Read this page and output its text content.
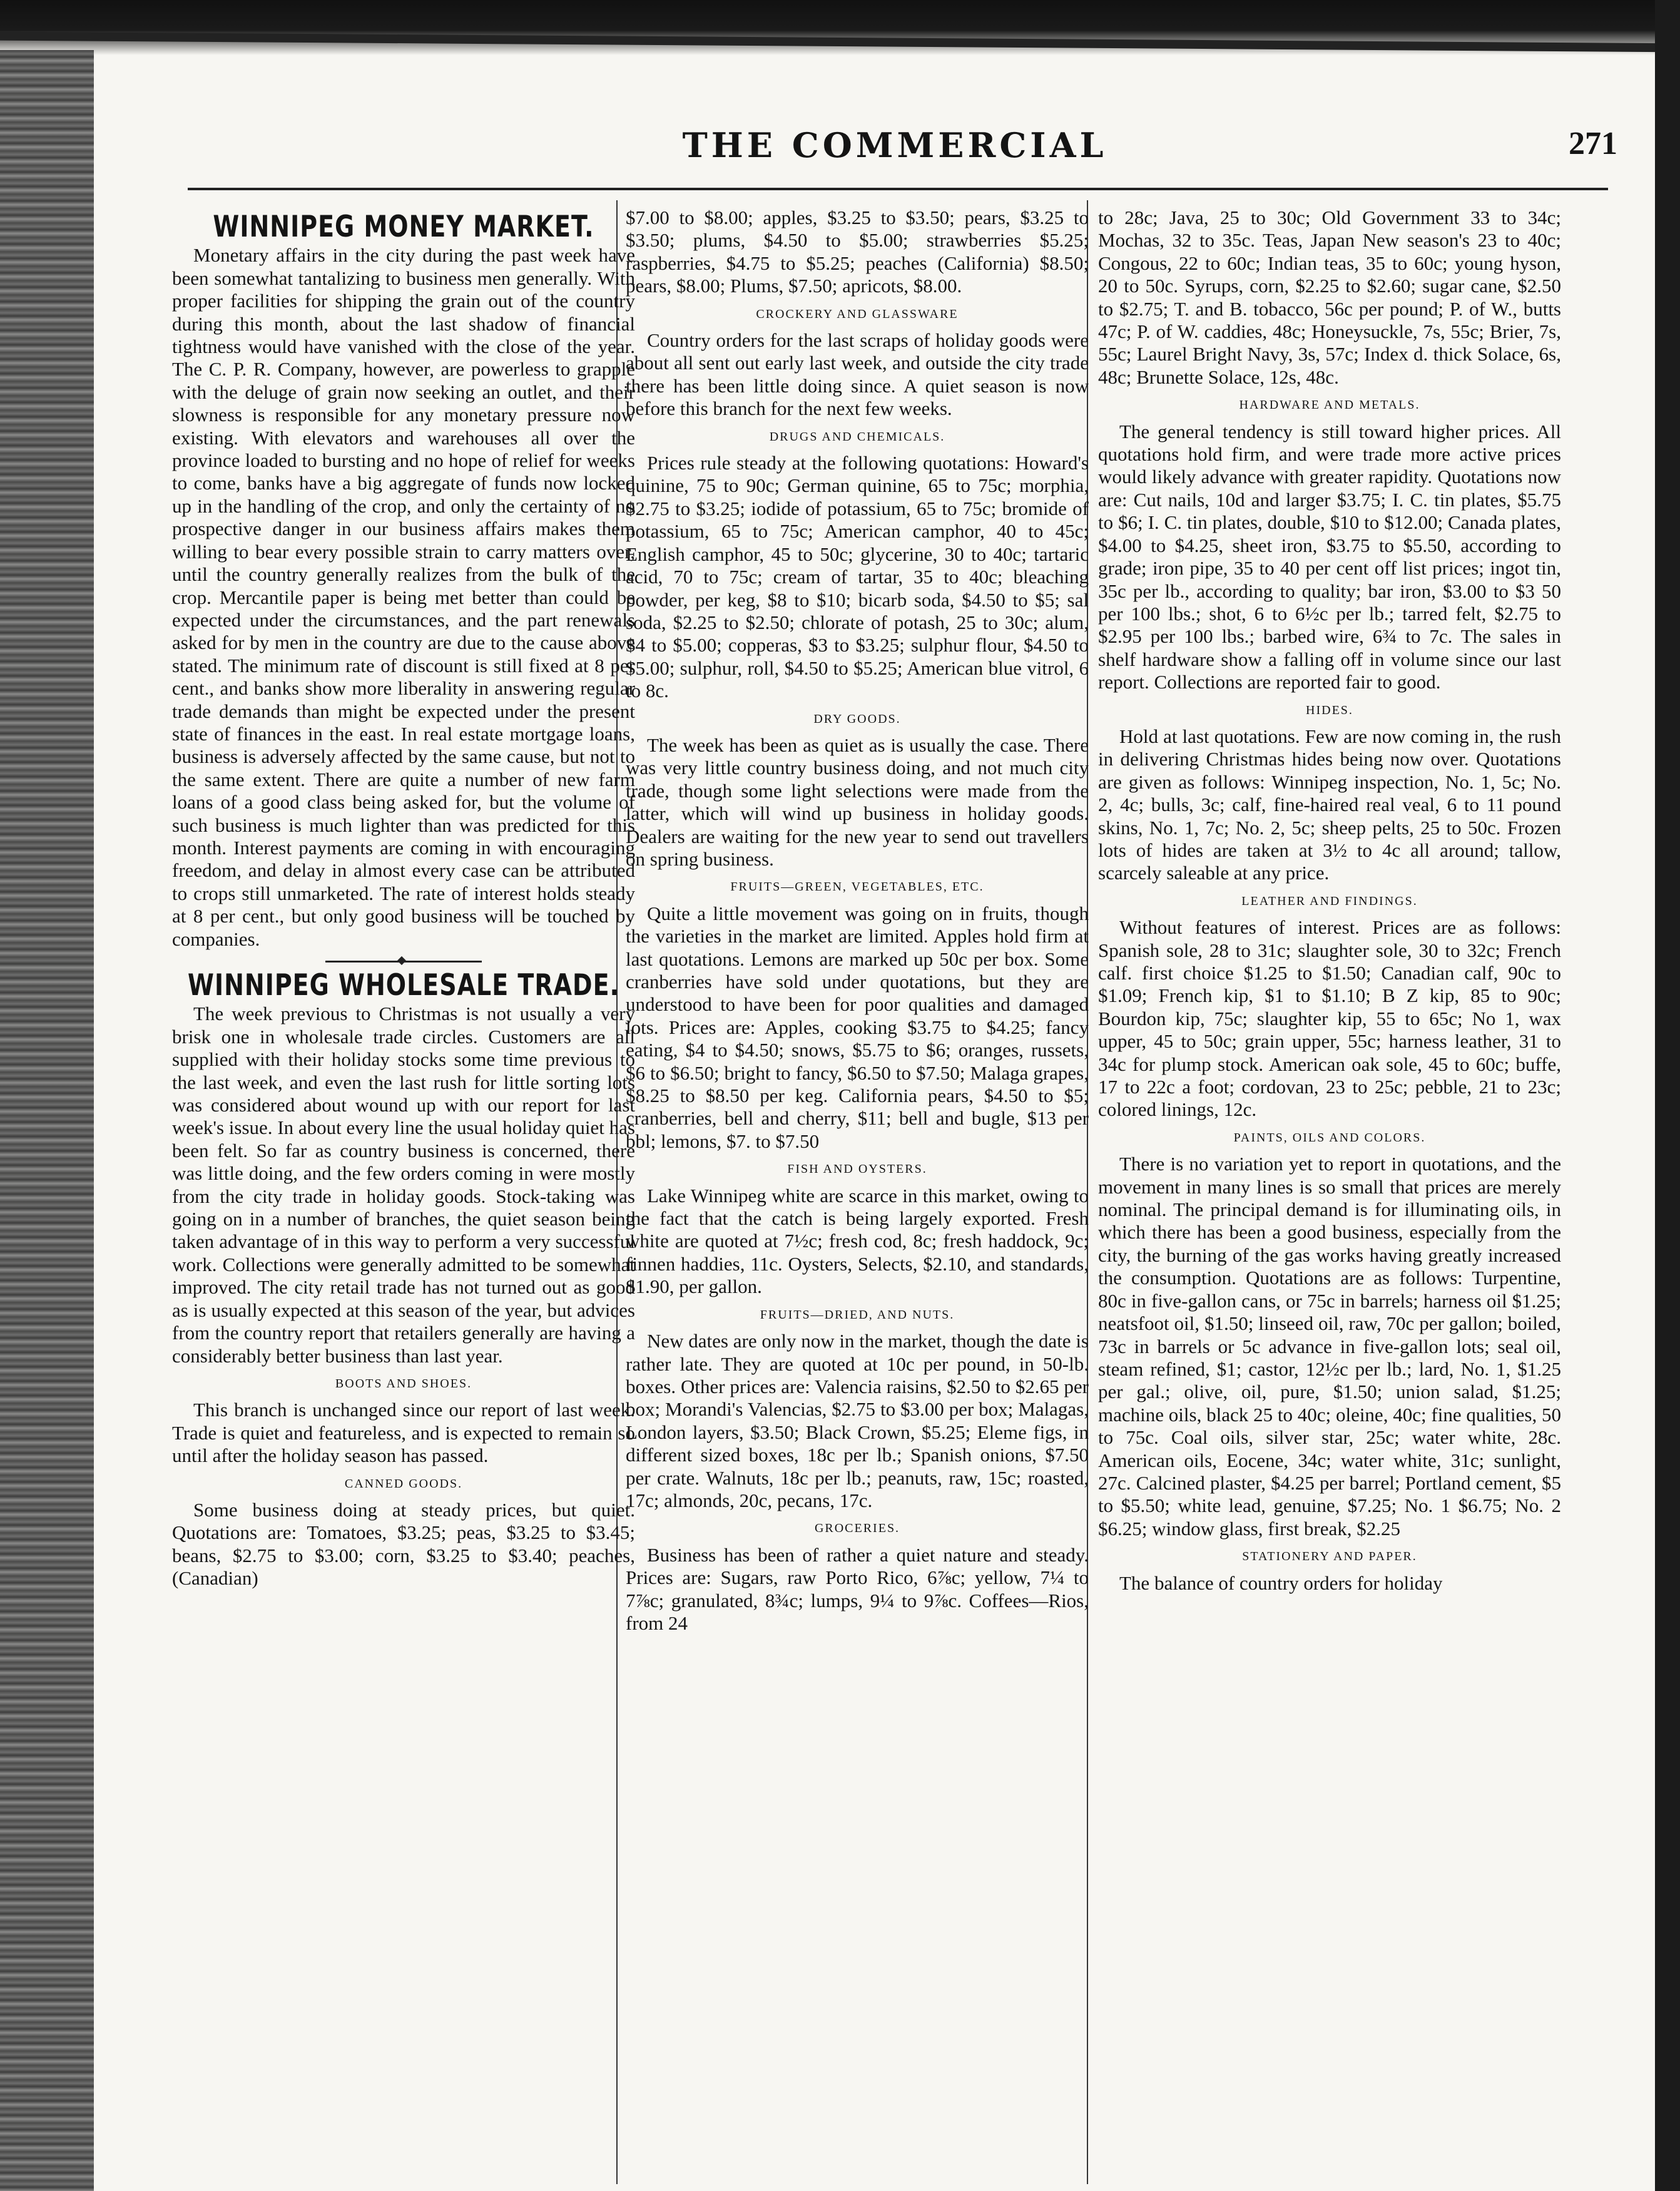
THE COMMERCIAL	271
WINNIPEG MONEY MARKET.

Monetary affairs in the city during the past week have been somewhat tantalizing to business men generally. With proper facilities for shipping the grain out of the country during this month, about the last shadow of financial tightness would have vanished with the close of the year. The C. P. R. Company, however, are powerless to grapple with the deluge of grain now seeking an outlet, and their slowness is responsible for any monetary pressure now existing. With elevators and warehouses all over the province loaded to bursting and no hope of relief for weeks to come, banks have a big aggregate of funds now locked up in the handling of the crop, and only the certainty of no prospective danger in our business affairs makes them willing to bear every possible strain to carry matters over, until the country generally realizes from the bulk of the crop. Mercantile paper is being met better than could be expected under the circumstances, and the part renewals asked for by men in the country are due to the cause above stated. The minimum rate of discount is still fixed at 8 per cent., and banks show more liberality in answering regular trade demands than might be expected under the present state of finances in the east. In real estate mortgage loans, business is adversely affected by the same cause, but not to the same extent. There are quite a number of new farm loans of a good class being asked for, but the volume of such business is much lighter than was predicted for this month. Interest payments are coming in with encouraging freedom, and delay in almost every case can be attributed to crops still unmarketed. The rate of interest holds steady at 8 per cent., but only good business will be touched by companies.

WINNIPEG WHOLESALE TRADE.

The week previous to Christmas is not usually a very brisk one in wholesale trade circles. Customers are all supplied with their holiday stocks some time previous to the last week, and even the last rush for little sorting lots was considered about wound up with our report for last week's issue. In about every line the usual holiday quiet has been felt. So far as country business is concerned, there was little doing, and the few orders coming in were mostly from the city trade in holiday goods. Stock-taking was going on in a number of branches, the quiet season being taken advantage of in this way to perform a very successful work. Collections were generally admitted to be somewhat improved. The city retail trade has not turned out as good as is usually expected at this season of the year, but advices from the country report that retailers generally are having a considerably better business than last year.

BOOTS AND SHOES.

This branch is unchanged since our report of last week. Trade is quiet and featureless, and is expected to remain so until after the holiday season has passed.

CANNED GOODS.

Some business doing at steady prices, but quiet. Quotations are: Tomatoes, $3.25; peas, $3.25 to $3.45; beans, $2.75 to $3.00; corn, $3.25 to $3.40; peaches, (Canadian)

$7.00 to $8.00; apples, $3.25 to $3.50; pears, $3.25 to $3.50; plums, $4.50 to $5.00; strawberries $5.25; raspberries, $4.75 to $5.25; peaches (California) $8.50; pears, $8.00; Plums, $7.50; apricots, $8.00.

CROCKERY AND GLASSWARE

Country orders for the last scraps of holiday goods were about all sent out early last week, and outside the city trade there has been little doing since. A quiet season is now before this branch for the next few weeks.

DRUGS AND CHEMICALS.

Prices rule steady at the following quotations: Howard's quinine, 75 to 90c; German quinine, 65 to 75c; morphia, $2.75 to $3.25; iodide of potassium, 65 to 75c; bromide of potassium, 65 to 75c; American camphor, 40 to 45c; English camphor, 45 to 50c; glycerine, 30 to 40c; tartaric acid, 70 to 75c; cream of tartar, 35 to 40c; bleaching powder, per keg, $8 to $10; bicarb soda, $4.50 to $5; sal soda, $2.25 to $2.50; chlorate of potash, 25 to 30c; alum, $4 to $5.00; copperas, $3 to $3.25; sulphur flour, $4.50 to $5.00; sulphur, roll, $4.50 to $5.25; American blue vitrol, 6 to 8c.

DRY GOODS.

The week has been as quiet as is usually the case. There was very little country business doing, and not much city trade, though some light selections were made from the latter, which will wind up business in holiday goods. Dealers are waiting for the new year to send out travellers on spring business.

FRUITS—GREEN, VEGETABLES, ETC.

Quite a little movement was going on in fruits, though the varieties in the market are limited. Apples hold firm at last quotations. Lemons are marked up 50c per box. Some cranberries have sold under quotations, but they are understood to have been for poor qualities and damaged lots. Prices are: Apples, cooking $3.75 to $4.25; fancy eating, $4 to $4.50; snows, $5.75 to $6; oranges, russets, $6 to $6.50; bright to fancy, $6.50 to $7.50; Malaga grapes, $8.25 to $8.50 per keg. California pears, $4.50 to $5; cranberries, bell and cherry, $11; bell and bugle, $13 per bbl; lemons, $7. to $7.50

FISH AND OYSTERS.

Lake Winnipeg white are scarce in this market, owing to the fact that the catch is being largely exported. Fresh white are quoted at 7½c; fresh cod, 8c; fresh haddock, 9c; finnen haddies, 11c. Oysters, Selects, $2.10, and standards, $1.90, per gallon.

FRUITS—DRIED, AND NUTS.

New dates are only now in the market, though the date is rather late. They are quoted at 10c per pound, in 50-lb. boxes. Other prices are: Valencia raisins, $2.50 to $2.65 per box; Morandi's Valencias, $2.75 to $3.00 per box; Malagas, London layers, $3.50; Black Crown, $5.25; Eleme figs, in different sized boxes, 18c per lb.; Spanish onions, $7.50 per crate. Walnuts, 18c per lb.; peanuts, raw, 15c; roasted, 17c; almonds, 20c, pecans, 17c.

GROCERIES.

Business has been of rather a quiet nature and steady. Prices are: Sugars, raw Porto Rico, 6⅞c; yellow, 7¼ to 7⅞c; granulated, 8¾c; lumps, 9¼ to 9⅞c. Coffees—Rios, from 24

to 28c; Java, 25 to 30c; Old Government 33 to 34c; Mochas, 32 to 35c. Teas, Japan New season's 23 to 40c; Congous, 22 to 60c; Indian teas, 35 to 60c; young hyson, 20 to 50c. Syrups, corn, $2.25 to $2.60; sugar cane, $2.50 to $2.75; T. and B. tobacco, 56c per pound; P. of W., butts 47c; P. of W. caddies, 48c; Honeysuckle, 7s, 55c; Brier, 7s, 55c; Laurel Bright Navy, 3s, 57c; Index d. thick Solace, 6s, 48c; Brunette Solace, 12s, 48c.

HARDWARE AND METALS.

The general tendency is still toward higher prices. All quotations hold firm, and were trade more active prices would likely advance with greater rapidity. Quotations now are: Cut nails, 10d and larger $3.75; I. C. tin plates, $5.75 to $6; I. C. tin plates, double, $10 to $12.00; Canada plates, $4.00 to $4.25, sheet iron, $3.75 to $5.50, according to grade; iron pipe, 35 to 40 per cent off list prices; ingot tin, 35c per lb., according to quality; bar iron, $3.00 to $3 50 per 100 lbs.; shot, 6 to 6½c per lb.; tarred felt, $2.75 to $2.95 per 100 lbs.; barbed wire, 6¾ to 7c. The sales in shelf hardware show a falling off in volume since our last report. Collections are reported fair to good.

HIDES.

Hold at last quotations. Few are now coming in, the rush in delivering Christmas hides being now over. Quotations are given as follows: Winnipeg inspection, No. 1, 5c; No. 2, 4c; bulls, 3c; calf, fine-haired real veal, 6 to 11 pound skins, No. 1, 7c; No. 2, 5c; sheep pelts, 25 to 50c. Frozen lots of hides are taken at 3½ to 4c all around; tallow, scarcely saleable at any price.

LEATHER AND FINDINGS.

Without features of interest. Prices are as follows: Spanish sole, 28 to 31c; slaughter sole, 30 to 32c; French calf. first choice $1.25 to $1.50; Canadian calf, 90c to $1.09; French kip, $1 to $1.10; B Z kip, 85 to 90c; Bourdon kip, 75c; slaughter kip, 55 to 65c; No 1, wax upper, 45 to 50c; grain upper, 55c; harness leather, 31 to 34c for plump stock. American oak sole, 45 to 60c; buffe, 17 to 22c a foot; cordovan, 23 to 25c; pebble, 21 to 23c; colored linings, 12c.

PAINTS, OILS AND COLORS.

There is no variation yet to report in quotations, and the movement in many lines is so small that prices are merely nominal. The principal demand is for illuminating oils, in which there has been a good business, especially from the city, the burning of the gas works having greatly increased the consumption. Quotations are as follows: Turpentine, 80c in five-gallon cans, or 75c in barrels; harness oil $1.25; neatsfoot oil, $1.50; linseed oil, raw, 70c per gallon; boiled, 73c in barrels or 5c advance in five-gallon lots; seal oil, steam refined, $1; castor, 12½c per lb.; lard, No. 1, $1.25 per gal.; olive, oil, pure, $1.50; union salad, $1.25; machine oils, black 25 to 40c; oleine, 40c; fine qualities, 50 to 75c. Coal oils, silver star, 25c; water white, 28c. American oils, Eocene, 34c; water white, 31c; sunlight, 27c. Calcined plaster, $4.25 per barrel; Portland cement, $5 to $5.50; white lead, genuine, $7.25; No. 1 $6.75; No. 2 $6.25; window glass, first break, $2.25

STATIONERY AND PAPER.

The balance of country orders for holiday
